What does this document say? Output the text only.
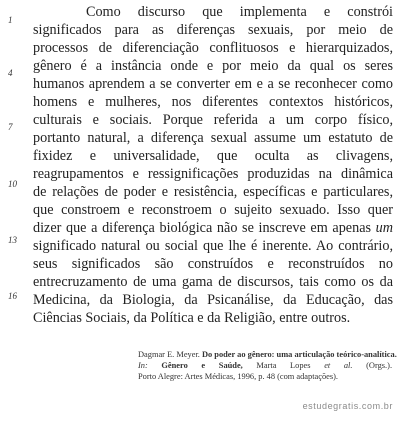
1
4
7
10
13
16
Como discurso que implementa e constrói
significados para as diferenças sexuais, por meio de
processos de diferenciação conflituosos e hierarquizados,
gênero é a instância onde e por meio da qual os seres
humanos aprendem a se converter em e a se reconhecer como
homens e mulheres, nos diferentes contextos históricos,
culturais e sociais. Porque referida a um corpo físico,
portanto natural, a diferença sexual assume um estatuto de
fixidez e universalidade, que oculta as clivagens,
reagrupamentos e ressignificações produzidas na dinâmica
de relações de poder e resistência, específicas e particulares,
que constroem e reconstroem o sujeito sexuado. Isso quer
dizer que a diferença biológica não se inscreve em apenas um
significado natural ou social que lhe é inerente. Ao contrário,
seus significados são construídos e reconstruídos no
entrecruzamento de uma gama de discursos, tais como os da
Medicina, da Biologia, da Psicanálise, da Educação, das
Ciências Sociais, da Política e da Religião, entre outros.
Dagmar E. Meyer. Do poder ao gênero: uma articulação teórico-analítica.
In: Gênero e Saúde, Marta Lopes et al. (Orgs.).
Porto Alegre: Artes Médicas, 1996, p. 48 (com adaptações).
estudegratis.com.br
